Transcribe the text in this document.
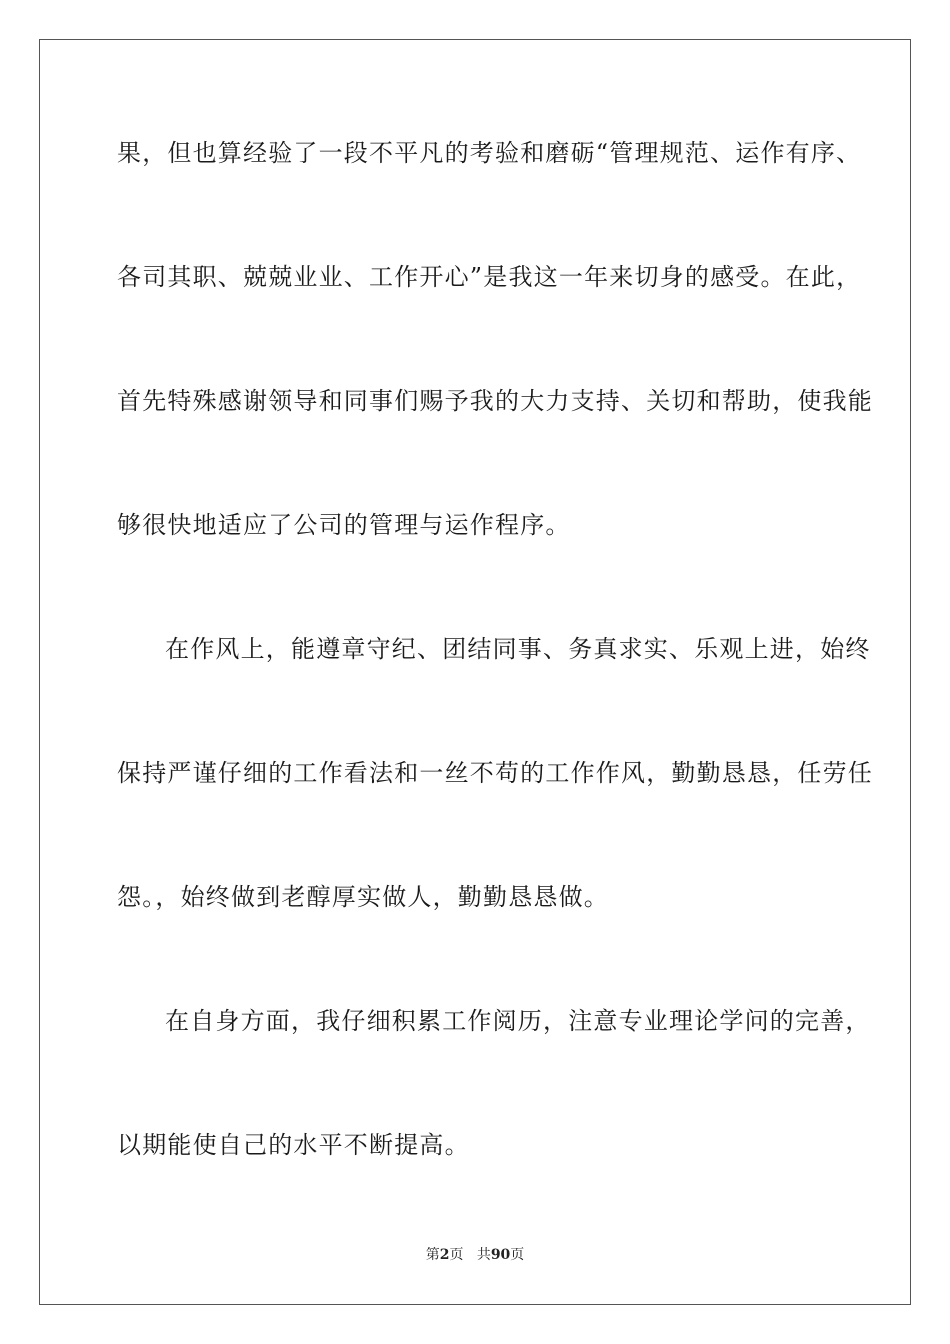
果，但也算经验了一段不平凡的考验和磨砺“管理规范、运作有序、
各司其职、兢兢业业、工作开心”是我这一年来切身的感受。在此，
首先特殊感谢领导和同事们赐予我的大力支持、关切和帮助，使我能
够很快地适应了公司的管理与运作程序。
在作风上，能遵章守纪、团结同事、务真求实、乐观上进，始终
保持严谨仔细的工作看法和一丝不苟的工作作风，勤勤恳恳，任劳任
怨。，始终做到老醇厚实做人，勤勤恳恳做。
在自身方面，我仔细积累工作阅历，注意专业理论学问的完善，
以期能使自己的水平不断提高。
第2页 共90页
